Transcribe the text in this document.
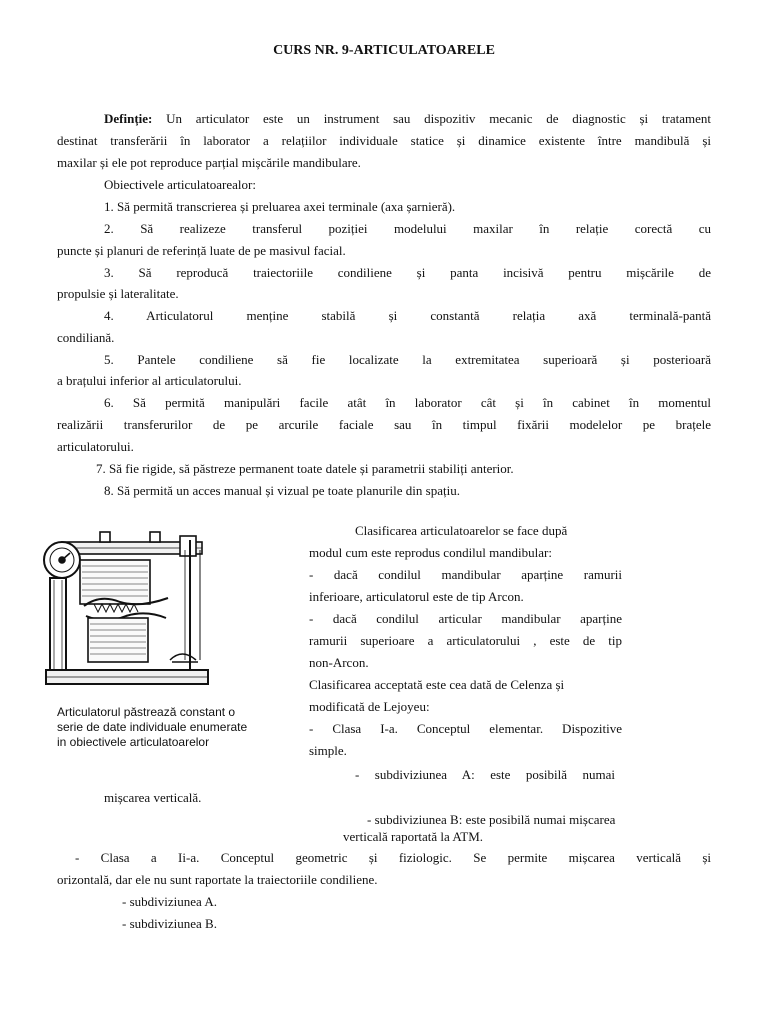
CURS NR. 9-ARTICULATOARELE
Definție: Un articulator este un instrument sau dispozitiv mecanic de diagnostic și tratament
destinat transferării în laborator a relațiilor individuale statice și dinamice existente între mandibulă și
maxilar și ele pot reproduce parțial mișcările mandibulare.
Obiectivele articulatoarealor:
1. Să permită transcrierea și preluarea axei terminale (axa șarnieră).
2. Să realizeze transferul poziției modelului maxilar în relație corectă cu
puncte și planuri de referință luate de pe masivul facial.
3. Să reproducă traiectoriile condiliene și panta incisivă pentru mișcările de
propulsie și lateralitate.
4. Articulatorul menține stabilă și constantă relația axă terminală-pantă
condiliană.
5. Pantele condiliene să fie localizate la extremitatea superioară și posterioară
a brațului inferior al articulatorului.
6. Să permită manipulări facile atât în laborator cât și în cabinet în momentul
realizării transferurilor de pe arcurile faciale sau în timpul fixării modelelor pe brațele
articulatorului.
7. Să fie rigide, să păstreze permanent toate datele și parametrii stabiliți anterior.
8. Să permită un acces manual și vizual pe toate planurile din spațiu.
Articulatorul păstrează constant o serie de date individuale enumerate in obiectivele articulatoarelor
Clasificarea articulatoarelor se face după
modul cum este reprodus condilul mandibular:
- dacă condilul mandibular aparține ramurii
inferioare, articulatorul este de tip Arcon.
- dacă condilul articular mandibular aparține
ramurii superioare a articulatorului , este de tip
non-Arcon.
Clasificarea acceptată este cea dată de Celenza și
modificată de Lejoyeu:
- Clasa I-a. Conceptul elementar. Dispozitive
simple.
- subdiviziunea A: este posibilă numai
mișcarea verticală.
- subdiviziunea B: este posibilă numai mișcarea
verticală raportată la ATM.
- Clasa a Ii-a. Conceptul geometric și fiziologic. Se permite mișcarea verticală și
orizontală, dar ele nu sunt raportate la traiectoriile condiliene.
- subdiviziunea A.
- subdiviziunea B.
